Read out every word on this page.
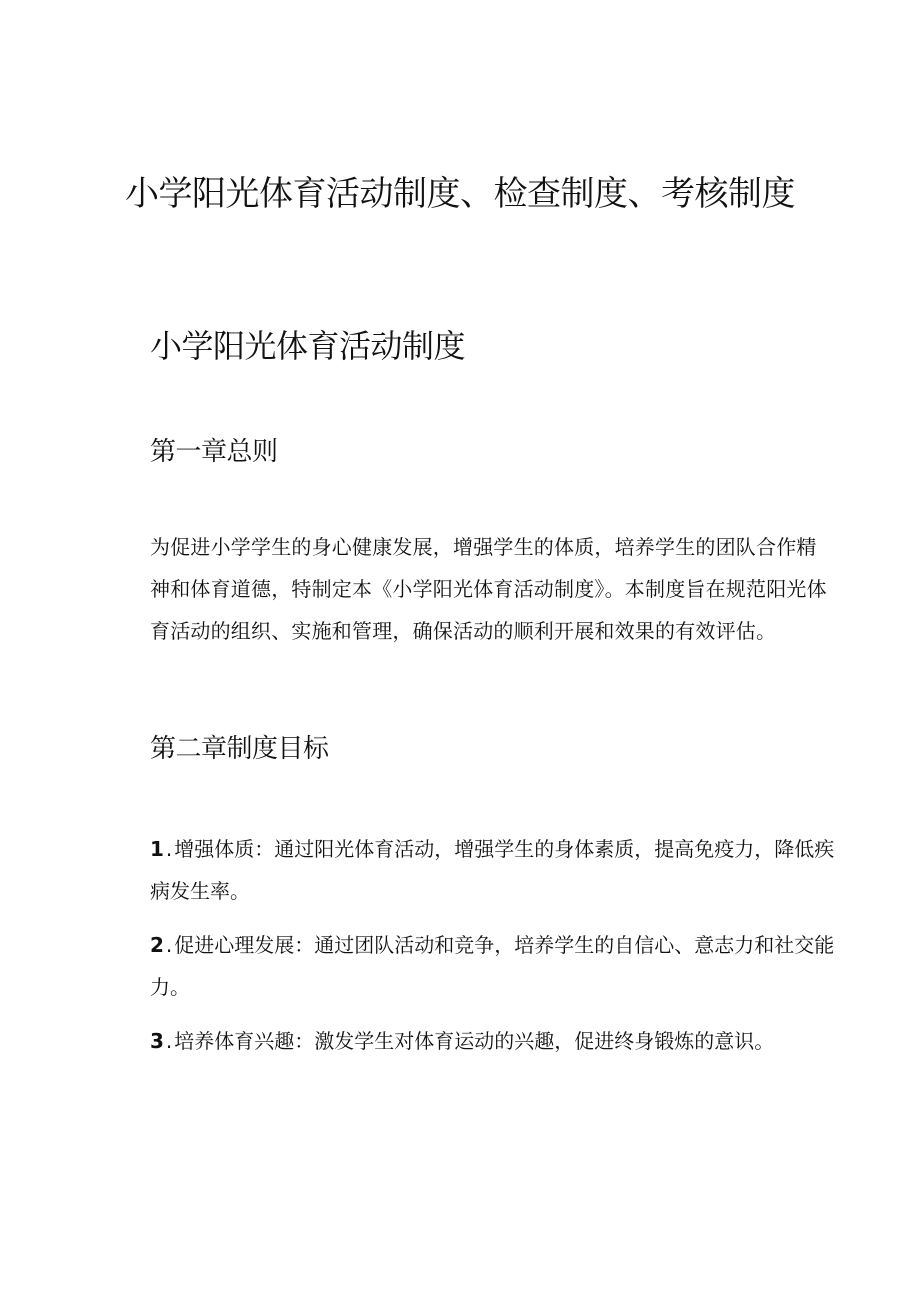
小学阳光体育活动制度、检查制度、考核制度
小学阳光体育活动制度
第一章总则

为促进小学学生的身心健康发展，增强学生的体质，培养学生的团队合作精神和体育道德，特制定本《小学阳光体育活动制度》。本制度旨在规范阳光体育活动的组织、实施和管理，确保活动的顺利开展和效果的有效评估。

第二章制度目标
1 . 增强体质：通过阳光体育活动，增强学生的身体素质，提高免疫力，降低疾病发生率。
2 . 促进心理发展：通过团队活动和竞争，培养学生的自信心、意志力和社交能力。
3 . 培养体育兴趣：激发学生对体育运动的兴趣，促进终身锻炼的意识。
